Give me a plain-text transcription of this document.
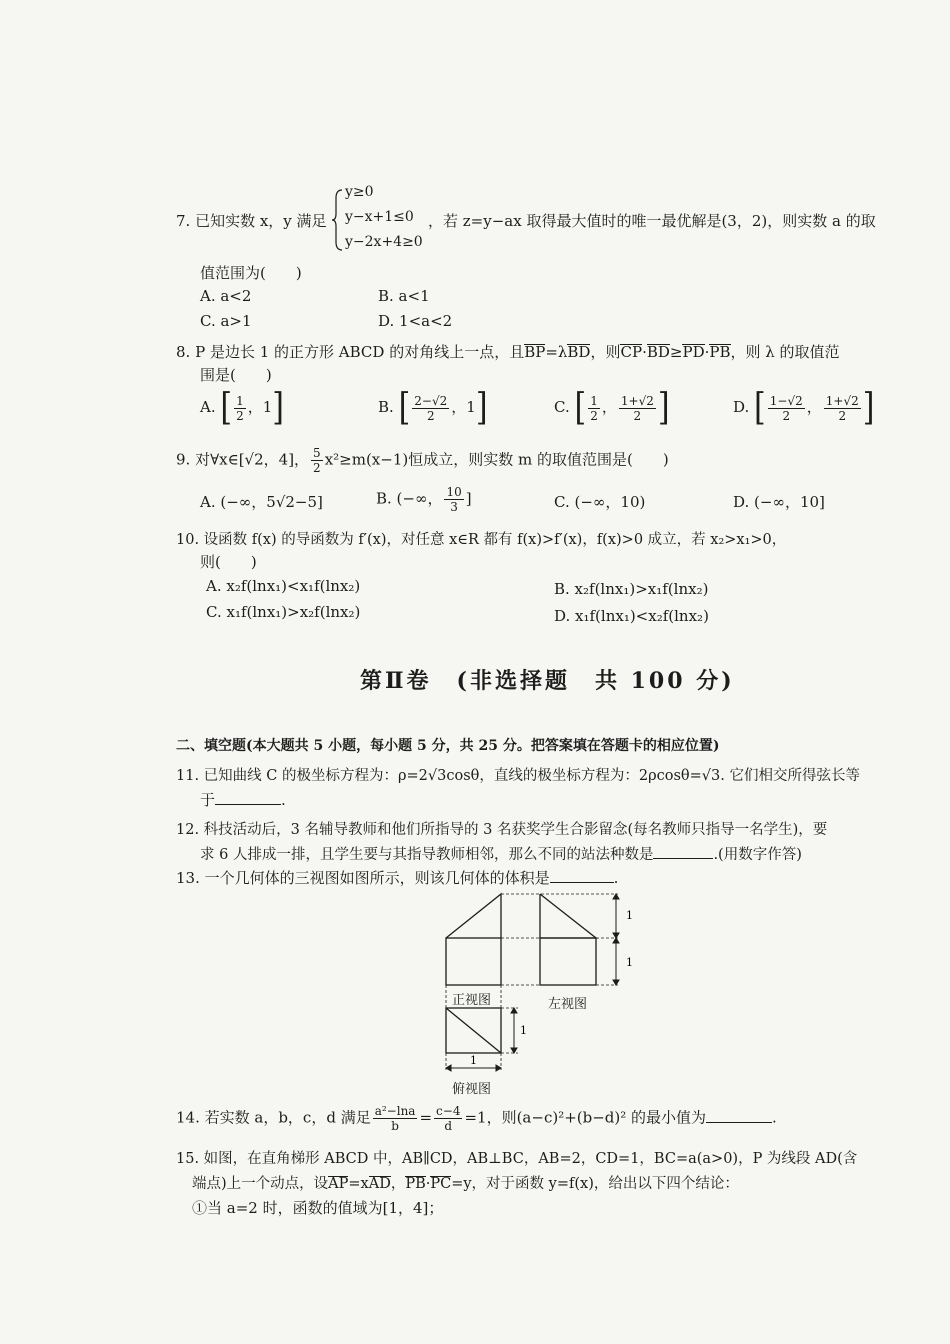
7. 已知实数 x，y 满足
y≥0
y−x+1≤0
y−2x+4≥0
，若 z=y−ax 取得最大值时的唯一最优解是(3，2)，则实数 a 的取
值范围为(　　)
A. a<2	B. a<1
C. a>1	D. 1<a<2
8. P 是边长 1 的正方形 ABCD 的对角线上一点，且BP=λBD，则CP·BD≥PD·PB，则 λ 的取值范
围是(　　)
A. [ $\frac{1}{2}$ ，1]	B. [ $\frac{2-√2}{2}$ ，1]	C. [ $\frac{1}{2}$ ， $\frac{1+√2}{2}$ ]	D. [ $\frac{1-√2}{2}$ ， $\frac{1+√2}{2}$ ]
9. 对∀x∈[√2，4]， $\frac{5}{2} x^2\ge m(x-1)$恒成立，则实数 m 的取值范围是(　　)
A. (−∞，5√2−5]	B. (−∞， $\frac{10}{3}$ ]	C. (−∞，10)	D. (−∞，10]
10. 设函数 f(x) 的导函数为 f′(x)，对任意 x∈R 都有 f(x)>f′(x)，f(x)>0 成立，若 x₂>x₁>0，
则(　　)
A. x₂f(lnx₁)<x₁f(lnx₂)	B. x₂f(lnx₁)>x₁f(lnx₂)
C. x₁f(lnx₁)>x₂f(lnx₂)	D. x₁f(lnx₁)<x₂f(lnx₂)
第Ⅱ卷　(非选择题　共 100 分)
二、填空题(本大题共 5 小题，每小题 5 分，共 25 分。把答案填在答题卡的相应位置)
11. 已知曲线 C 的极坐标方程为：ρ=2√3cosθ，直线的极坐标方程为：2ρcosθ=√3. 它们相交所得弦长等
于	.
12. 科技活动后，3 名辅导教师和他们所指导的 3 名获奖学生合影留念(每名教师只指导一名学生)，要
求 6 人排成一排，且学生要与其指导教师相邻，那么不同的站法种数是	.(用数字作答)
13. 一个几何体的三视图如图所示，则该几何体的体积是	.
1
1
1
1
正视图	左视图
俯视图
14. 若实数 a，b，c，d 满足 $\frac{\text{a²−lna}}{b} = \frac{c-4}{d} =1$，则(a−c)²+(b−d)² 的最小值为	.
15. 如图，在直角梯形 ABCD 中，AB∥CD，AB⊥BC，AB=2，CD=1，BC=a(a>0)，P 为线段 AD(含
端点)上一个动点，设AP=xAD，PB·PC=y，对于函数 y=f(x)，给出以下四个结论：
①当 a=2 时，函数的值域为[1，4]；
